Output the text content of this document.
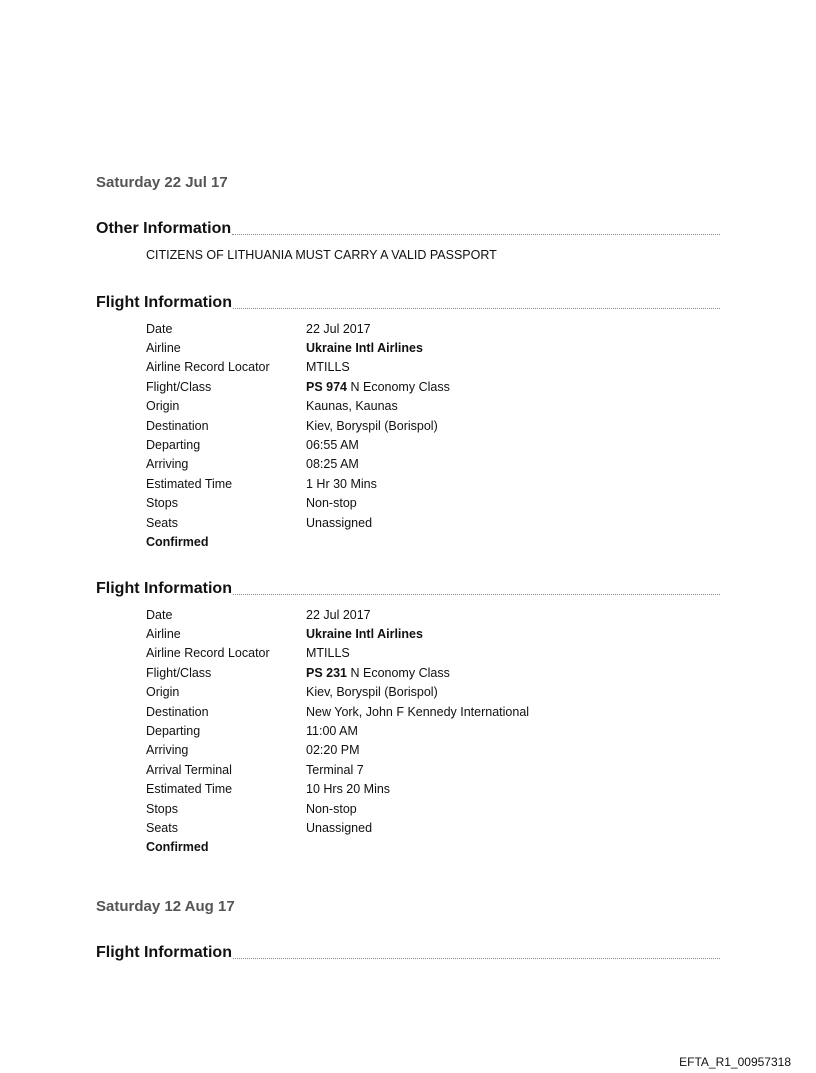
Saturday 22 Jul 17
Other Information
CITIZENS OF LITHUANIA MUST CARRY A VALID PASSPORT
Flight Information
Date	22 Jul 2017
Airline	Ukraine Intl Airlines
Airline Record Locator	MTILLS
Flight/Class	PS 974 N Economy Class
Origin	Kaunas, Kaunas
Destination	Kiev, Boryspil (Borispol)
Departing	06:55 AM
Arriving	08:25 AM
Estimated Time	1 Hr 30 Mins
Stops	Non-stop
Seats	Unassigned
Confirmed
Flight Information
Date	22 Jul 2017
Airline	Ukraine Intl Airlines
Airline Record Locator	MTILLS
Flight/Class	PS 231 N Economy Class
Origin	Kiev, Boryspil (Borispol)
Destination	New York, John F Kennedy International
Departing	11:00 AM
Arriving	02:20 PM
Arrival Terminal	Terminal 7
Estimated Time	10 Hrs 20 Mins
Stops	Non-stop
Seats	Unassigned
Confirmed
Saturday 12 Aug 17
Flight Information
EFTA_R1_00957318
